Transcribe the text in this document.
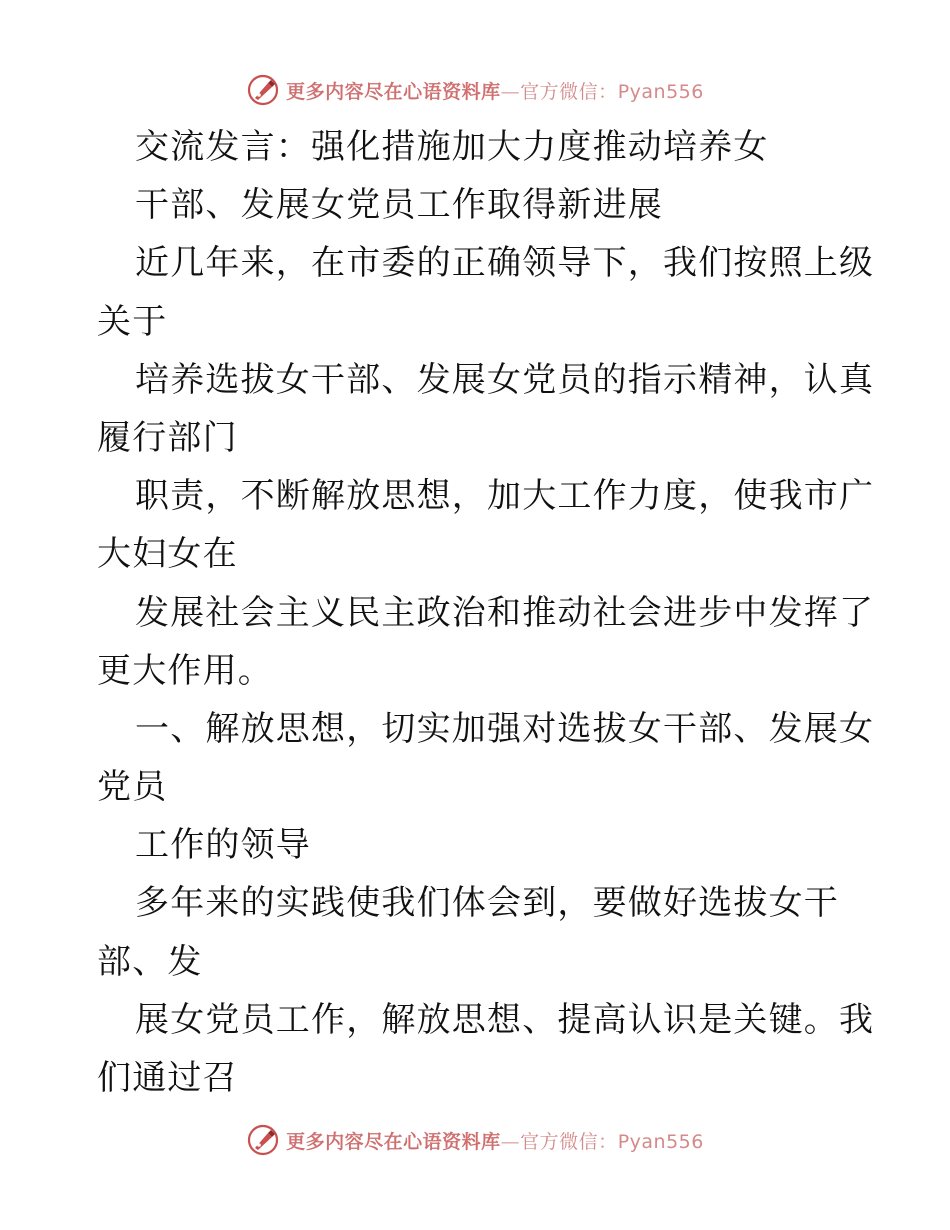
更多内容尽在心语资料库—官方微信：Pyan556
交流发言：强化措施加大力度推动培养女
干部、发展女党员工作取得新进展
近几年来，在市委的正确领导下，我们按照上级
关于
培养选拔女干部、发展女党员的指示精神，认真
履行部门
职责，不断解放思想，加大工作力度，使我市广
大妇女在
发展社会主义民主政治和推动社会进步中发挥了
更大作用。
一、解放思想，切实加强对选拔女干部、发展女
党员
工作的领导
多年来的实践使我们体会到，要做好选拔女干
部、发
展女党员工作，解放思想、提高认识是关键。我
们通过召
更多内容尽在心语资料库—官方微信：Pyan556
